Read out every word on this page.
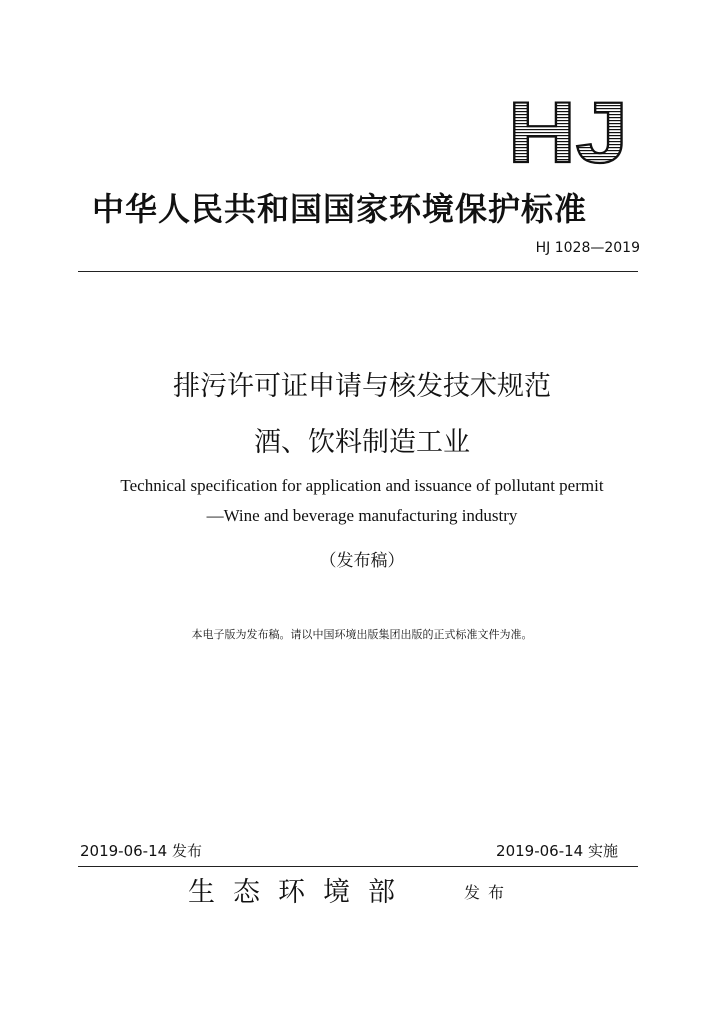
HJ
中华人民共和国国家环境保护标准
HJ 1028—2019
排污许可证申请与核发技术规范
酒、饮料制造工业
Technical specification for application and issuance of pollutant permit
—Wine and beverage manufacturing industry
（发布稿）
本电子版为发布稿。请以中国环境出版集团出版的正式标准文件为准。
2019-06-14 发布	2019-06-14 实施
生态环境部	发布
